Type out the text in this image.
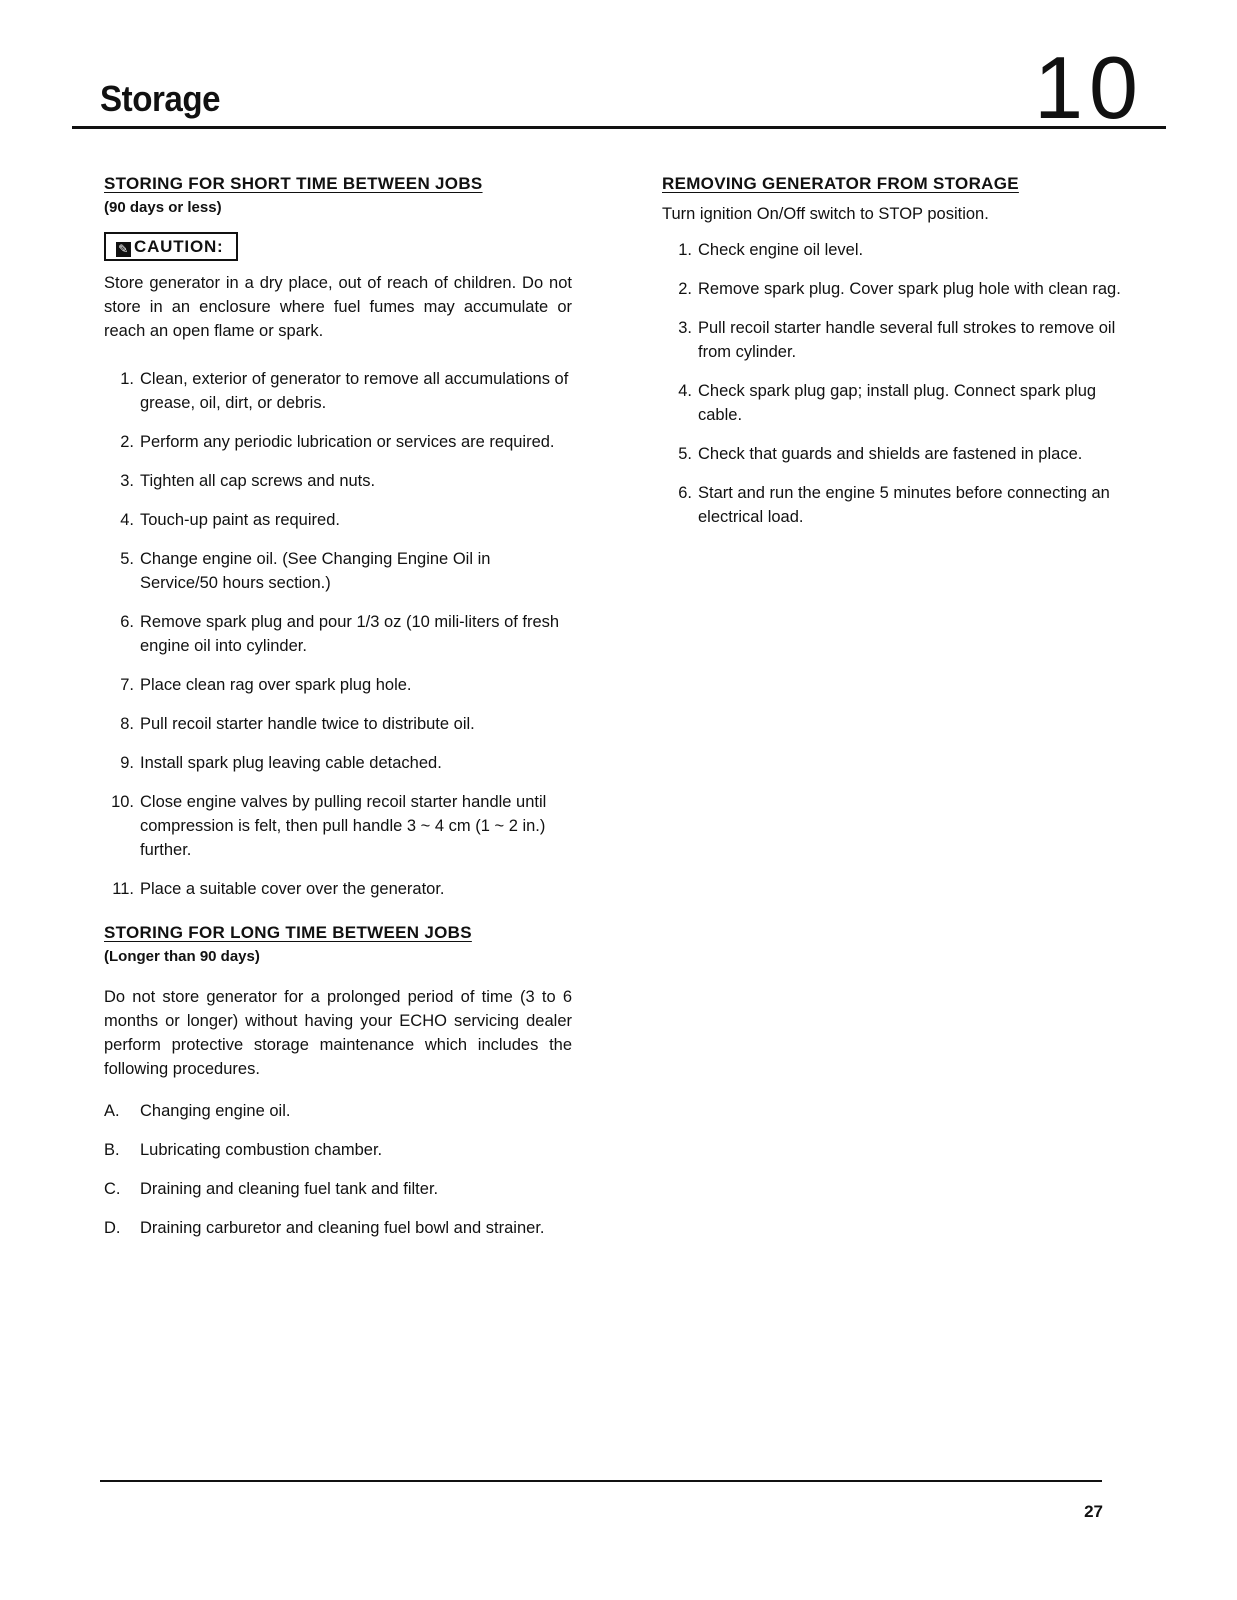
Storage	10
STORING FOR SHORT TIME BETWEEN JOBS
(90 days or less)
✎ CAUTION:

Store generator in a dry place, out of reach of children. Do not store in an enclosure where fuel fumes may accumulate or reach an open flame or spark.

1. Clean, exterior of generator to remove all accumulations of grease, oil, dirt, or debris.
2. Perform any periodic lubrication or services are required.
3. Tighten all cap screws and nuts.
4. Touch-up paint as required.
5. Change engine oil. (See Changing Engine Oil in Service/50 hours section.)
6. Remove spark plug and pour 1/3 oz (10 mili-liters of fresh engine oil into cylinder.
7. Place clean rag over spark plug hole.
8. Pull recoil starter handle twice to distribute oil.
9. Install spark plug leaving cable detached.
10. Close engine valves by pulling recoil starter handle until compression is felt, then pull handle 3 ~ 4 cm (1 ~ 2 in.) further.
11. Place a suitable cover over the generator.
STORING FOR LONG TIME BETWEEN JOBS
(Longer than 90 days)

Do not store generator for a prolonged period of time (3 to 6 months or longer) without having your ECHO servicing dealer perform protective storage maintenance which includes the following procedures.

A.	Changing engine oil.
B.	Lubricating combustion chamber.
C.	Draining and cleaning fuel tank and filter.
D.	Draining carburetor and cleaning fuel bowl and strainer.
REMOVING GENERATOR FROM STORAGE

Turn ignition On/Off switch to STOP position.

1. Check engine oil level.
2. Remove spark plug. Cover spark plug hole with clean rag.
3. Pull recoil starter handle several full strokes to remove oil from cylinder.
4. Check spark plug gap; install plug. Connect spark plug cable.
5. Check that guards and shields are fastened in place.
6. Start and run the engine 5 minutes before connecting an electrical load.
27
